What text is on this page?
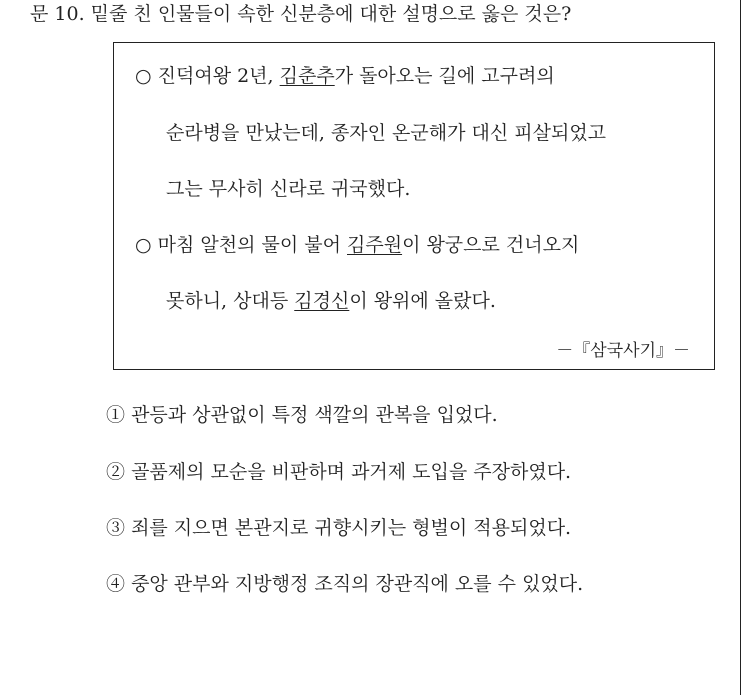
문 10. 밑줄 친 인물들이 속한 신분층에 대한 설명으로 옳은 것은?
○ 진덕여왕 2년, 김춘추가 돌아오는 길에 고구려의
순라병을 만났는데, 종자인 온군해가 대신 피살되었고
그는 무사히 신라로 귀국했다.
○ 마침 알천의 물이 불어 김주원이 왕궁으로 건너오지
못하니, 상대등 김경신이 왕위에 올랐다.
－『삼국사기』－
① 관등과 상관없이 특정 색깔의 관복을 입었다.
② 골품제의 모순을 비판하며 과거제 도입을 주장하였다.
③ 죄를 지으면 본관지로 귀향시키는 형벌이 적용되었다.
④ 중앙 관부와 지방행정 조직의 장관직에 오를 수 있었다.
